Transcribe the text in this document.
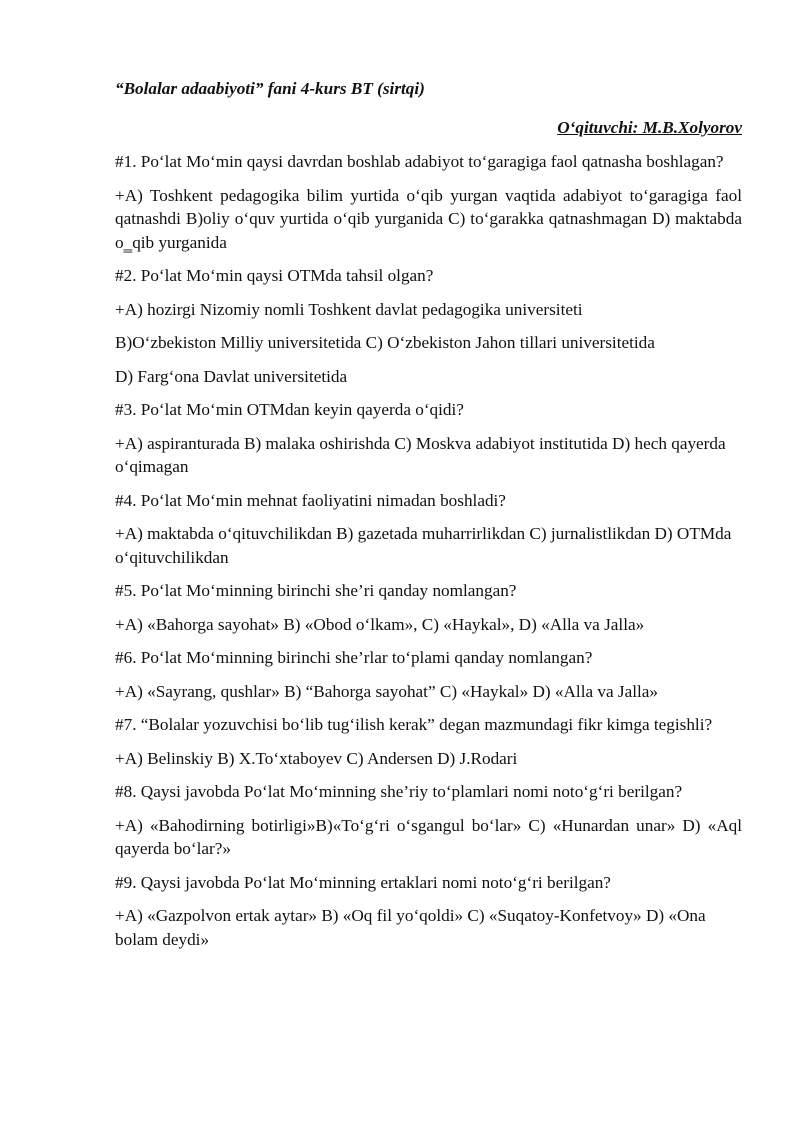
“Bolalar adaabiyoti” fani 4-kurs BT (sirtqi)
O‘qituvchi: M.B.Xolyorov

#1. Po‘lat Mo‘min qaysi davrdan boshlab adabiyot to‘garagiga faol qatnasha boshlagan?

+A) Toshkent pedagogika bilim yurtida o‘qib yurgan vaqtida adabiyot to‘garagiga faol qatnashdi B)oliy o‘quv yurtida o‘qib yurganida C) to‘garakka qatnashmagan D) maktabda o‗qib yurganida

#2. Po‘lat Mo‘min qaysi OTMda tahsil olgan?

+A) hozirgi Nizomiy nomli Toshkent davlat pedagogika universiteti

B)O‘zbekiston Milliy universitetida C) O‘zbekiston Jahon tillari universitetida

D) Farg‘ona Davlat universitetida

#3. Po‘lat Mo‘min OTMdan keyin qayerda o‘qidi?

+A) aspiranturada B) malaka oshirishda C) Moskva adabiyot institutida D) hech qayerda o‘qimagan

#4. Po‘lat Mo‘min mehnat faoliyatini nimadan boshladi?

+A) maktabda o‘qituvchilikdan B) gazetada muharrirlikdan C) jurnalistlikdan D) OTMda o‘qituvchilikdan

#5. Po‘lat Mo‘minning birinchi she’ri qanday nomlangan?

+A) «Bahorga sayohat» B) «Obod o‘lkam», C) «Haykal», D) «Alla va Jalla»

#6. Po‘lat Mo‘minning birinchi she’rlar to‘plami qanday nomlangan?

+A) «Sayrang, qushlar» B) “Bahorga sayohat” C) «Haykal» D) «Alla va Jalla»

#7. “Bolalar yozuvchisi bo‘lib tug‘ilish kerak” degan mazmundagi fikr kimga tegishli?

+A) Belinskiy B) X.To‘xtaboyev C) Andersen D) J.Rodari

#8. Qaysi javobda Po‘lat Mo‘minning she’riy to‘plamlari nomi noto‘g‘ri berilgan?

+A) «Bahodirning botirligi»B)«To‘g‘ri o‘sgangul bo‘lar» C) «Hunardan unar» D) «Aql qayerda bo‘lar?»

#9. Qaysi javobda Po‘lat Mo‘minning ertaklari nomi noto‘g‘ri berilgan?

+A) «Gazpolvon ertak aytar» B) «Oq fil yo‘qoldi» C) «Suqatoy-Konfetvoy» D) «Ona bolam deydi»
